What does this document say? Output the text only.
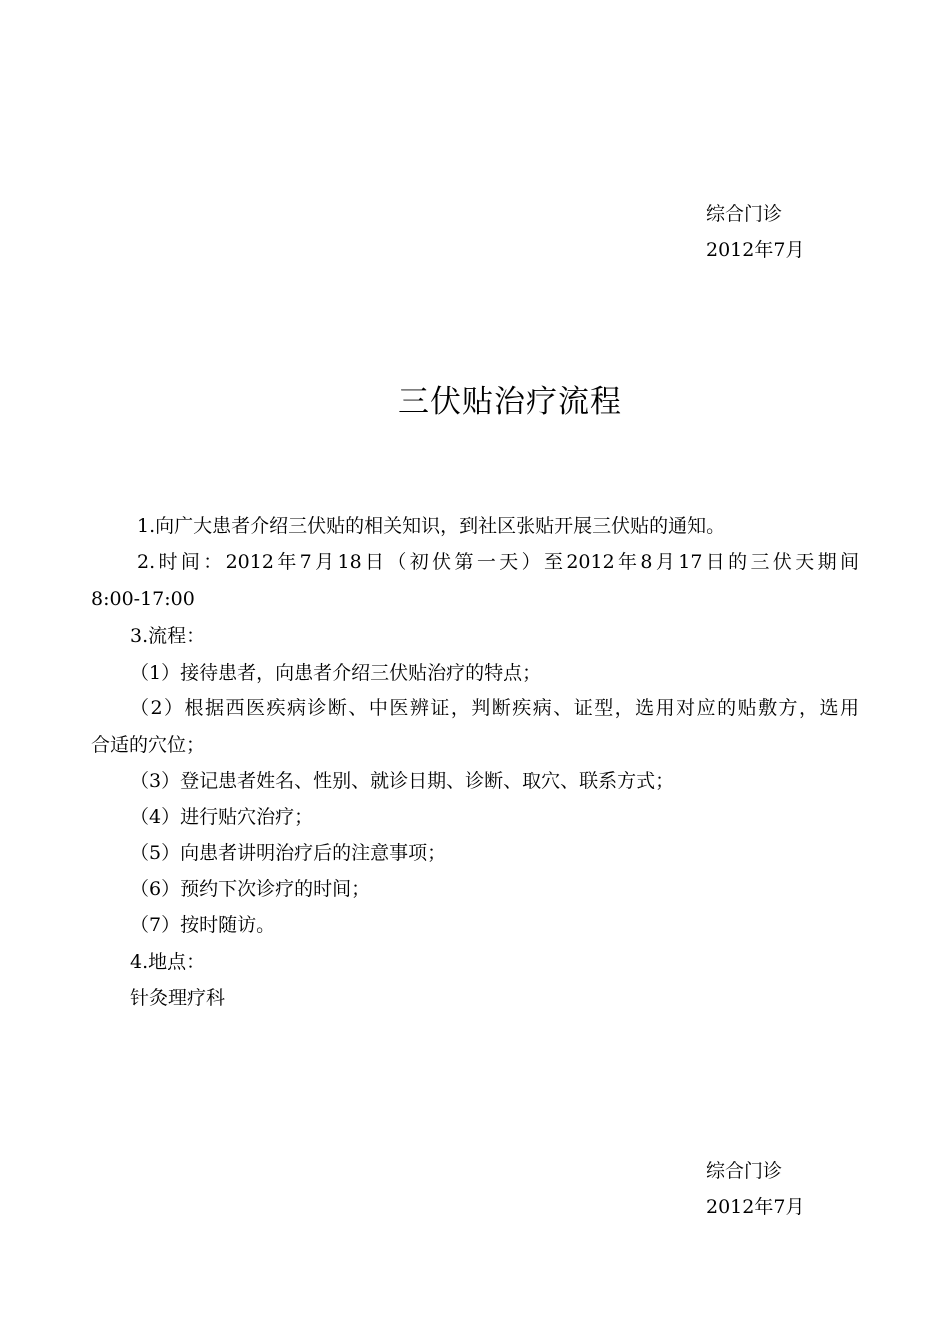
综合门诊
2012年7月
三伏贴治疗流程
1.向广大患者介绍三伏贴的相关知识，到社区张贴开展三伏贴的通知。
2.时间：2012年7月18日（初伏第一天）至2012年8月17日的三伏天期间
8:00-17:00
3.流程：
（1）接待患者，向患者介绍三伏贴治疗的特点；
（2）根据西医疾病诊断、中医辨证，判断疾病、证型，选用对应的贴敷方，选用
合适的穴位；
（3）登记患者姓名、性别、就诊日期、诊断、取穴、联系方式；
（4）进行贴穴治疗；
（5）向患者讲明治疗后的注意事项；
（6）预约下次诊疗的时间；
（7）按时随访。
4.地点：
针灸理疗科
综合门诊
2012年7月
